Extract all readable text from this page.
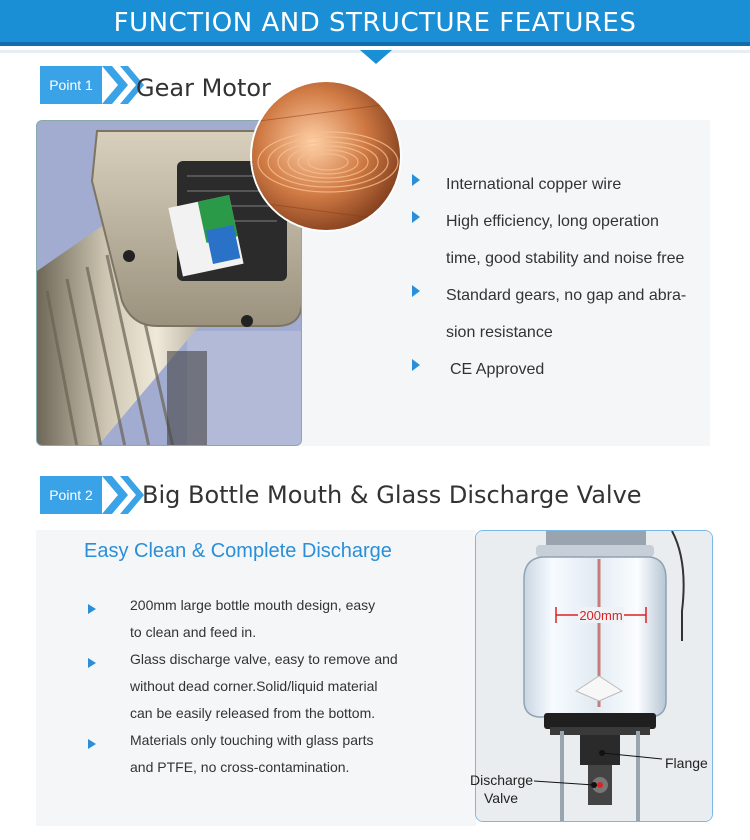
FUNCTION AND STRUCTURE FEATURES
Point 1	Gear Motor
International copper wire
High efficiency, long operation
time, good stability and noise free
Standard gears, no gap and abra-
sion resistance
CE Approved
Point 2	Big Bottle Mouth & Glass Discharge Valve
Easy Clean & Complete Discharge
200mm large bottle mouth design, easy
to clean and feed in.
Glass discharge valve, easy to remove and
without dead corner.Solid/liquid material
can be easily released from the bottom.
Materials only touching with glass parts
and PTFE, no cross-contamination.
200mm
Flange
Discharge
Valve
